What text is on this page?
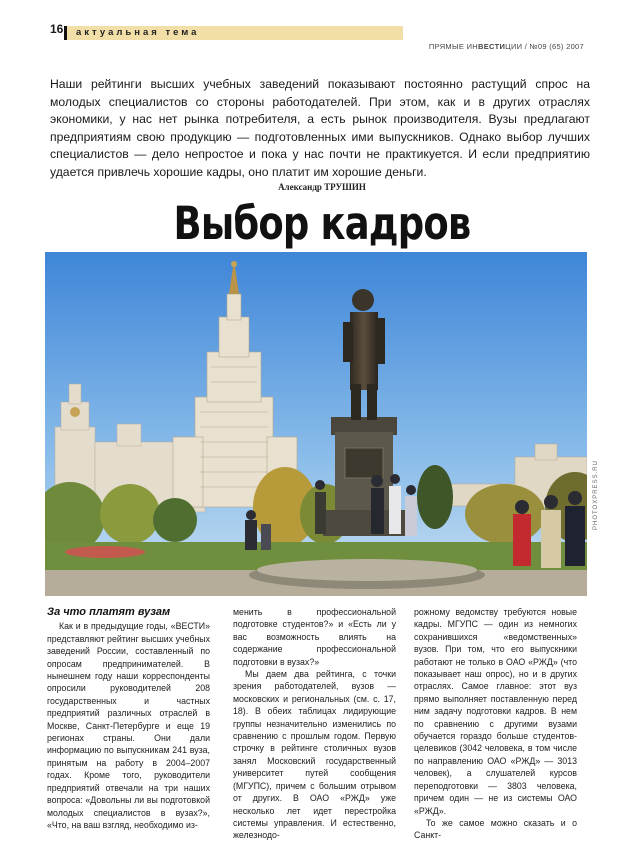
16 актуальная тема
ПРЯМЫЕ ИНВЕСТИЦИИ / №09 (65) 2007
Наши рейтинги высших учебных заведений показывают постоянно растущий спрос на молодых специалистов со стороны работодателей. При этом, как и в других отраслях экономики, у нас нет рынка потребителя, а есть рынок производителя. Вузы предлагают предприятиям свою продукцию — подготовленных ими выпускников. Однако выбор лучших специалистов — дело непростое и пока у нас почти не практикуется. И если предприятию удается привлечь хорошие кадры, оно платит им хорошие деньги.
Александр ТРУШИН
Выбор кадров
PHOTOXPRESS.RU
За что платят вузам

Как и в предыдущие годы, «ВЕСТИ» представляют рейтинг высших учебных заведений России, составленный по опросам предпринимателей. В нынешнем году наши корреспонденты опросили руководителей 208 государственных и частных предприятий различных отраслей в Москве, Санкт-Петербурге и еще 19 регионах страны. Они дали информацию по выпускникам 241 вуза, принятым на работу в 2004–2007 годах. Кроме того, руководители предприятий отвечали на три наших вопроса: «Довольны ли вы подготовкой молодых специалистов в вузах?», «Что, на ваш взгляд, необходимо из-

менить в профессиональной подготовке студентов?» и «Есть ли у вас возможность влиять на содержание профессиональной подготовки в вузах?»

Мы даем два рейтинга, с точки зрения работодателей, вузов — московских и региональных (см. с. 17, 18). В обеих таблицах лидирующие группы незначительно изменились по сравнению с прошлым годом. Первую строчку в рейтинге столичных вузов занял Московский государственный университет путей сообщения (МГУПС), причем с большим отрывом от других. В ОАО «РЖД» уже несколько лет идет перестройка системы управления. И естественно, железнодо-

рожному ведомству требуются новые кадры. МГУПС — один из немногих сохранившихся «ведомственных» вузов. При том, что его выпускники работают не только в ОАО «РЖД» (что показывает наш опрос), но и в других отраслях. Самое главное: этот вуз прямо выполняет поставленную перед ним задачу подготовки кадров. В нем по сравнению с другими вузами обучается гораздо больше студентов-целевиков (3042 человека, в том числе по направлению ОАО «РЖД» — 3013 человек), а слушателей курсов переподготовки — 3803 человека, причем один — не из системы ОАО «РЖД».

То же самое можно сказать и о Санкт-
